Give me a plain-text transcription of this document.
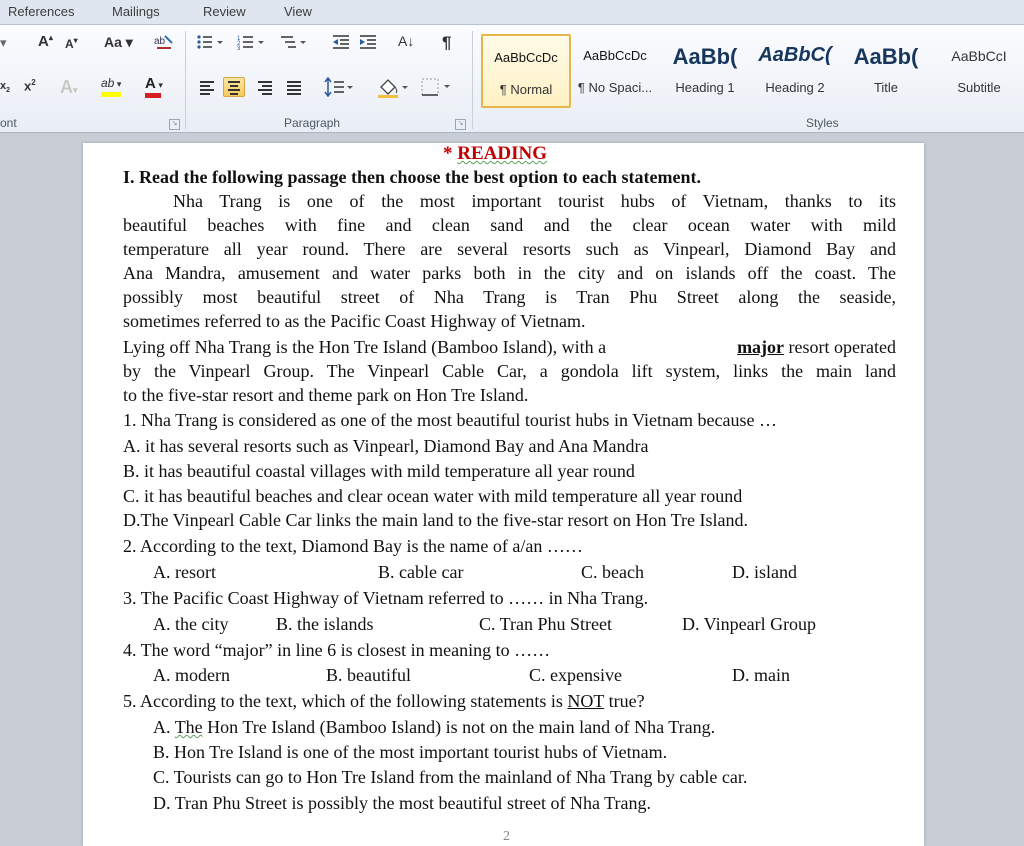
References	Mailings	Review	View
▾ A▴ A▾ Aa ▾ ab
$x_2$ $x^2$ A▾ ab ▾ A ▾
ont	↘
1
2
3	A↓ ¶
Paragraph	↘
AaBbCcDc
¶ Normal
AaBbCcDc
¶ No Spaci...
AaBb(
Heading 1
AaBbC(
Heading 2
AaBb(
Title
AaBbCcI
Subtitle
Styles
* READING
I. Read the following passage then choose the best option to each statement.
Nha Trang is one of the most important tourist hubs of Vietnam, thanks to its
beautiful beaches with fine and clean sand and the clear ocean water with mild
temperature all year round. There are several resorts such as Vinpearl, Diamond Bay and
Ana Mandra, amusement and water parks both in the city and on islands off the coast. The
possibly most beautiful street of Nha Trang is Tran Phu Street along the seaside,
sometimes referred to as the Pacific Coast Highway of Vietnam.
Lying off Nha Trang is the Hon Tre Island (Bamboo Island), with a	major resort operated
by the Vinpearl Group. The Vinpearl Cable Car, a gondola lift system, links the main land
to the five-star resort and theme park on Hon Tre Island.
1. Nha Trang is considered as one of the most beautiful tourist hubs in Vietnam because …
A. it has several resorts such as Vinpearl, Diamond Bay and Ana Mandra
B. it has beautiful coastal villages with mild temperature all year round
C. it has beautiful beaches and clear ocean water with mild temperature all year round
D.The Vinpearl Cable Car links the main land to the five-star resort on Hon Tre Island.
2. According to the text, Diamond Bay is the name of a/an ……
A. resort	B. cable car	C. beach	D. island
3. The Pacific Coast Highway of Vietnam referred to …… in Nha Trang.
A. the city	B. the islands	C. Tran Phu Street	D. Vinpearl Group
4. The word “major” in line 6 is closest in meaning to ……
A. modern	B. beautiful	C. expensive	D. main
5. According to the text, which of the following statements is NOT true?
A. The Hon Tre Island (Bamboo Island) is not on the main land of Nha Trang.
B. Hon Tre Island is one of the most important tourist hubs of Vietnam.
C. Tourists can go to Hon Tre Island from the mainland of Nha Trang by cable car.
D. Tran Phu Street is possibly the most beautiful street of Nha Trang.
2
